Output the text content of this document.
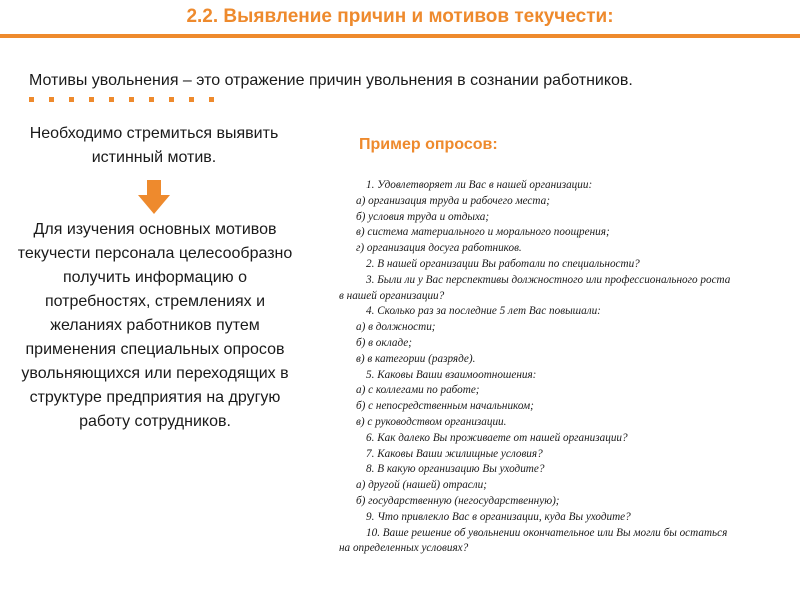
2.2. Выявление причин и мотивов текучести:
Мотивы увольнения – это отражение причин увольнения в сознании работников.
Необходимо стремиться выявить истинный мотив.
Для изучения основных мотивов текучести персонала целесообразно получить информацию о потребностях, стремлениях и желаниях работников путем применения специальных опросов увольняющихся или переходящих в структуре предприятия на другую работу сотрудников.
Пример опросов:
1. Удовлетворяет ли Вас в нашей организации:
а) организация труда и рабочего места;
б) условия труда и отдыха;
в) система материального и морального поощрения;
г) организация досуга работников.
2. В нашей организации Вы работали по специальности?
3. Были ли у Вас перспективы должностного или профессионального роста
в нашей организации?
4. Сколько раз за последние 5 лет Вас повышали:
а) в должности;
б) в окладе;
в) в категории (разряде).
5. Каковы Ваши взаимоотношения:
а) с коллегами по работе;
б) с непосредственным начальником;
в) с руководством организации.
6. Как далеко Вы проживаете от нашей организации?
7. Каковы Ваши жилищные условия?
8. В какую организацию Вы уходите?
а) другой (нашей) отрасли;
б) государственную (негосударственную);
9. Что привлекло Вас в организации, куда Вы уходите?
10. Ваше решение об увольнении окончательное или Вы могли бы остаться
на определенных условиях?
